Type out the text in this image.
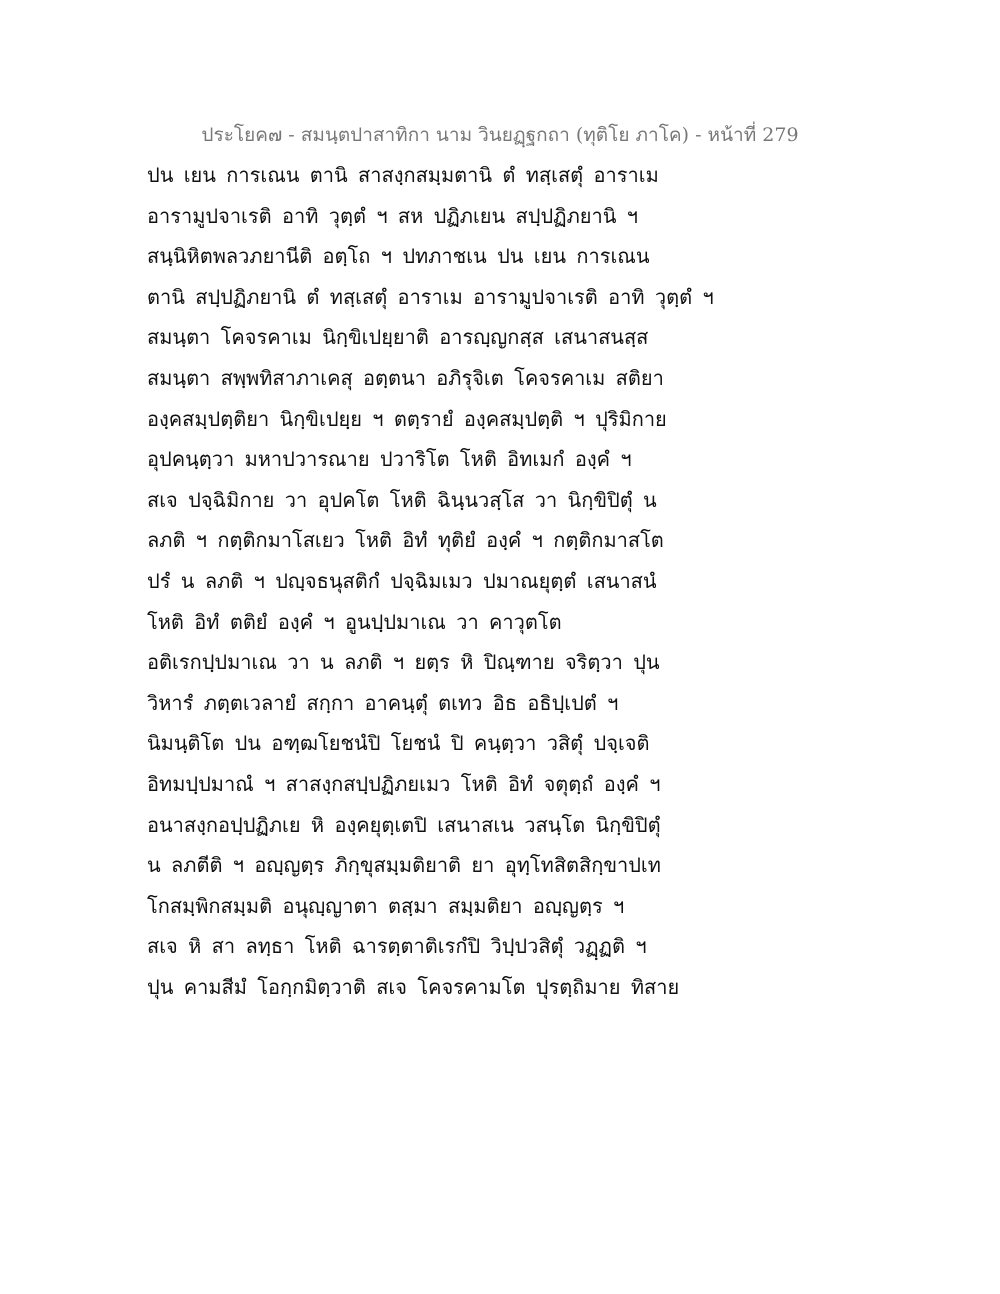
ประโยค๗ - สมนฺตปาสาทิกา นาม วินยฏฺฐกถา (ทุติโย ภาโค) - หน้าที่ 279
ปน เยน การเณน ตานิ สาสงฺกสมฺมตานิ ตํ ทสฺเสตุํ อาราเม
อารามูปจาเรติ อาทิ วุตฺตํ ฯ สห ปฏิภเยน สปฺปฏิภยานิ ฯ
สนฺนิหิตพลวภยานีติ อตฺโถ ฯ ปทภาชเน ปน เยน การเณน
ตานิ สปฺปฏิภยานิ ตํ ทสฺเสตุํ อาราเม อารามูปจาเรติ อาทิ วุตฺตํ ฯ
สมนฺตา โคจรคาเม นิกฺขิเปยฺยาติ อารญฺญกสฺส เสนาสนสฺส
สมนฺตา สพฺพทิสาภาเคสุ อตฺตนา อภิรุจิเต โคจรคาเม สติยา
องฺคสมฺปตฺติยา นิกฺขิเปยฺย ฯ ตตฺรายํ องฺคสมฺปตฺติ ฯ ปุริมิกาย
อุปคนฺตฺวา มหาปวารณาย ปวาริโต โหติ อิทเมกํ องฺคํ ฯ
สเจ ปจฺฉิมิกาย วา อุปคโต โหติ ฉินฺนวสฺโส วา นิกฺขิปิตุํ น
ลภติ ฯ กตฺติกมาโสเยว โหติ อิทํ ทุติยํ องฺคํ ฯ กตฺติกมาสโต
ปรํ น ลภติ ฯ ปญฺจธนุสติกํ ปจฺฉิมเมว ปมาณยุตฺตํ เสนาสนํ
โหติ อิทํ ตติยํ องฺคํ ฯ อูนปฺปมาเณ วา คาวุตโต
อติเรกปฺปมาเณ วา น ลภติ ฯ ยตฺร หิ ปิณฺฑาย จริตฺวา ปุน
วิหารํ ภตฺตเวลายํ สกฺกา อาคนฺตุํ ตเทว อิธ อธิปฺเปตํ ฯ
นิมนฺติโต ปน อฑฺฒโยชนํปิ โยชนํ ปิ คนฺตฺวา วสิตุํ ปจฺเจติ
อิทมปฺปมาณํ ฯ สาสงฺกสปฺปฏิภยเมว โหติ อิทํ จตุตฺถํ องฺคํ ฯ
อนาสงฺกอปฺปฏิภเย หิ องฺคยุตฺเตปิ เสนาสเน วสนฺโต นิกฺขิปิตุํ
น ลภตีติ ฯ อญฺญตฺร ภิกฺขุสมฺมติยาติ ยา อุทฺโทสิตสิกฺขาปเท
โกสมฺพิกสมฺมติ อนุญฺญาตา ตสฺมา สมฺมติยา อญฺญตฺร ฯ
สเจ หิ สา ลทฺธา โหติ ฉารตฺตาติเรกํปิ วิปฺปวสิตุํ วฏฺฏติ ฯ
ปุน คามสีมํ โอกฺกมิตฺวาติ สเจ โคจรคามโต ปุรตฺถิมาย ทิสาย
